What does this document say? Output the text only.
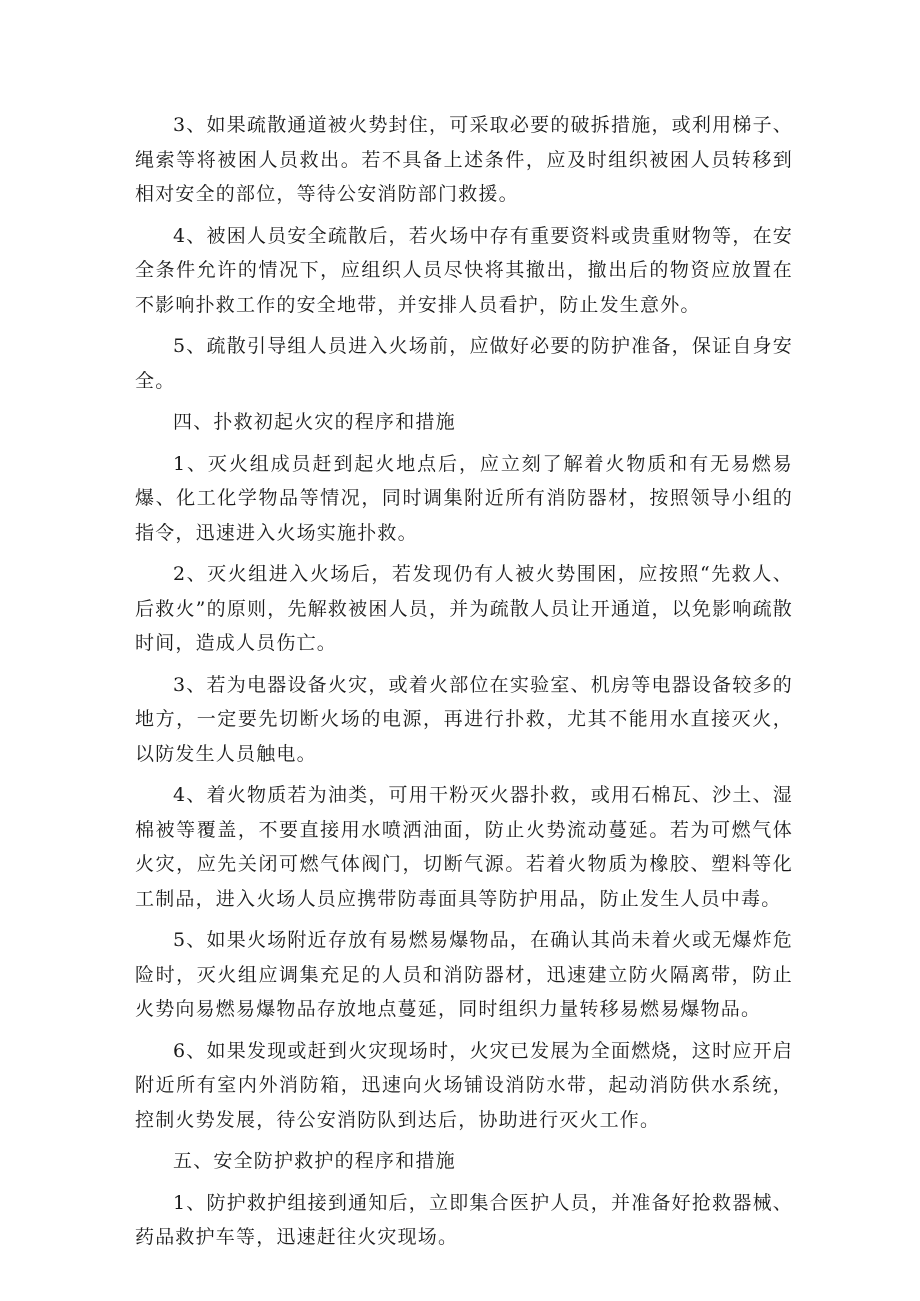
3、如果疏散通道被火势封住，可采取必要的破拆措施，或利用梯子、绳索等将被困人员救出。若不具备上述条件，应及时组织被困人员转移到相对安全的部位，等待公安消防部门救援。

4、被困人员安全疏散后，若火场中存有重要资料或贵重财物等，在安全条件允许的情况下，应组织人员尽快将其撤出，撤出后的物资应放置在不影响扑救工作的安全地带，并安排人员看护，防止发生意外。

5、疏散引导组人员进入火场前，应做好必要的防护准备，保证自身安全。

四、扑救初起火灾的程序和措施

1、灭火组成员赶到起火地点后，应立刻了解着火物质和有无易燃易爆、化工化学物品等情况，同时调集附近所有消防器材，按照领导小组的指令，迅速进入火场实施扑救。

2、灭火组进入火场后，若发现仍有人被火势围困，应按照“先救人、后救火”的原则，先解救被困人员，并为疏散人员让开通道，以免影响疏散时间，造成人员伤亡。

3、若为电器设备火灾，或着火部位在实验室、机房等电器设备较多的地方，一定要先切断火场的电源，再进行扑救，尤其不能用水直接灭火，以防发生人员触电。

4、着火物质若为油类，可用干粉灭火器扑救，或用石棉瓦、沙土、湿棉被等覆盖，不要直接用水喷洒油面，防止火势流动蔓延。若为可燃气体火灾，应先关闭可燃气体阀门，切断气源。若着火物质为橡胶、塑料等化工制品，进入火场人员应携带防毒面具等防护用品，防止发生人员中毒。

5、如果火场附近存放有易燃易爆物品，在确认其尚未着火或无爆炸危险时，灭火组应调集充足的人员和消防器材，迅速建立防火隔离带，防止火势向易燃易爆物品存放地点蔓延，同时组织力量转移易燃易爆物品。

6、如果发现或赶到火灾现场时，火灾已发展为全面燃烧，这时应开启附近所有室内外消防箱，迅速向火场铺设消防水带，起动消防供水系统，控制火势发展，待公安消防队到达后，协助进行灭火工作。

五、安全防护救护的程序和措施

1、防护救护组接到通知后，立即集合医护人员，并准备好抢救器械、药品救护车等，迅速赶往火灾现场。
